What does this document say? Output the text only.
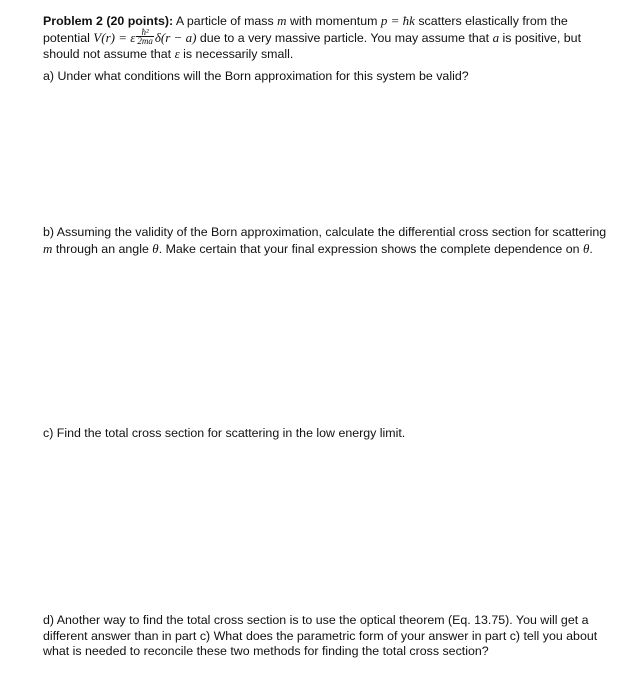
Problem 2 (20 points): A particle of mass m with momentum p = ħk scatters elastically from the
potential V(r) = ε $\frac{\text{ħ²}}{2ma} \delta(r - a)$ due to a very massive particle. You may assume that a is positive, but
should not assume that ε is necessarily small.
a) Under what conditions will the Born approximation for this system be valid?
b) Assuming the validity of the Born approximation, calculate the differential cross section for scattering
m through an angle θ. Make certain that your final expression shows the complete dependence on θ.
c) Find the total cross section for scattering in the low energy limit.
d) Another way to find the total cross section is to use the optical theorem (Eq. 13.75). You will get a
different answer than in part c) What does the parametric form of your answer in part c) tell you about
what is needed to reconcile these two methods for finding the total cross section?
